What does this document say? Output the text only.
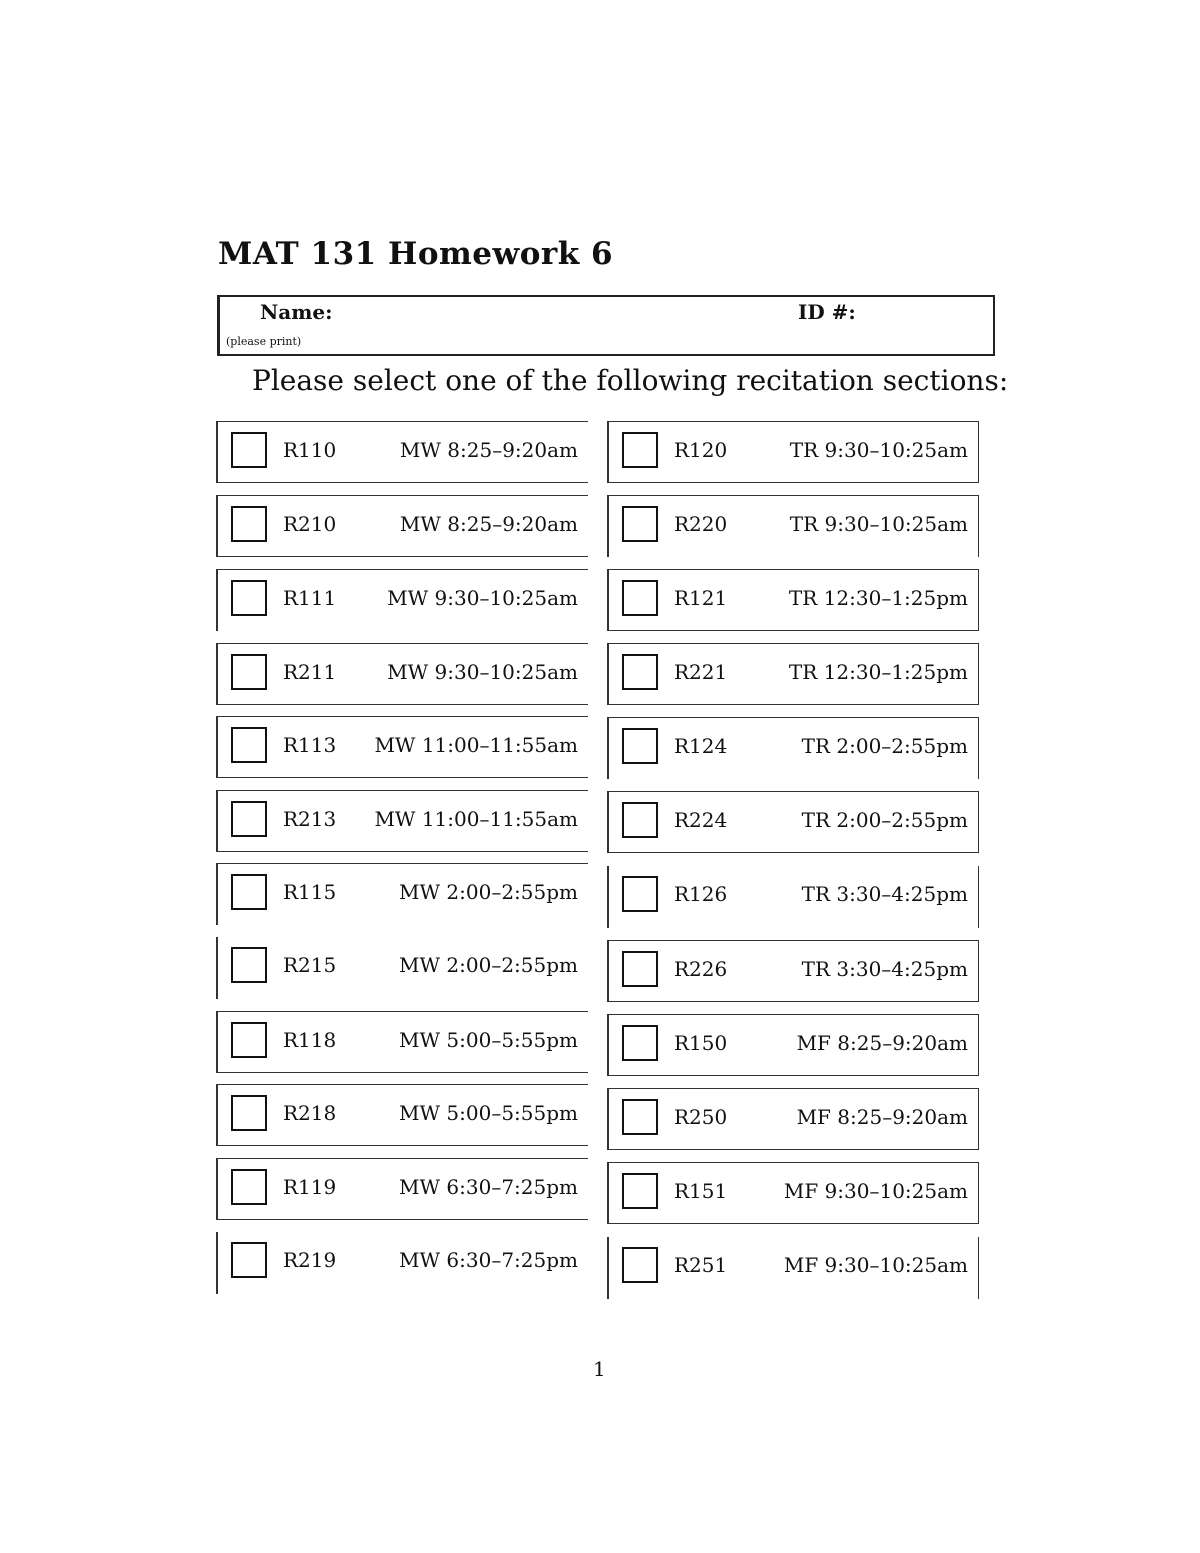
MAT 131 Homework 6
Name:	ID #:
(please print)
Please select one of the following recitation sections:
R110	MW 8:25–9:20am
R210	MW 8:25–9:20am
R111	MW 9:30–10:25am
R211	MW 9:30–10:25am
R113 MW 11:00–11:55am
R213 MW 11:00–11:55am
R115	MW 2:00–2:55pm
R215	MW 2:00–2:55pm
R118	MW 5:00–5:55pm
R218	MW 5:00–5:55pm
R119	MW 6:30–7:25pm
R219	MW 6:30–7:25pm
R120	TR 9:30–10:25am
R220	TR 9:30–10:25am
R121	TR 12:30–1:25pm
R221	TR 12:30–1:25pm
R124	TR 2:00–2:55pm
R224	TR 2:00–2:55pm
R126	TR 3:30–4:25pm
R226	TR 3:30–4:25pm
R150	MF 8:25–9:20am
R250	MF 8:25–9:20am
R151	MF 9:30–10:25am
R251	MF 9:30–10:25am
1
